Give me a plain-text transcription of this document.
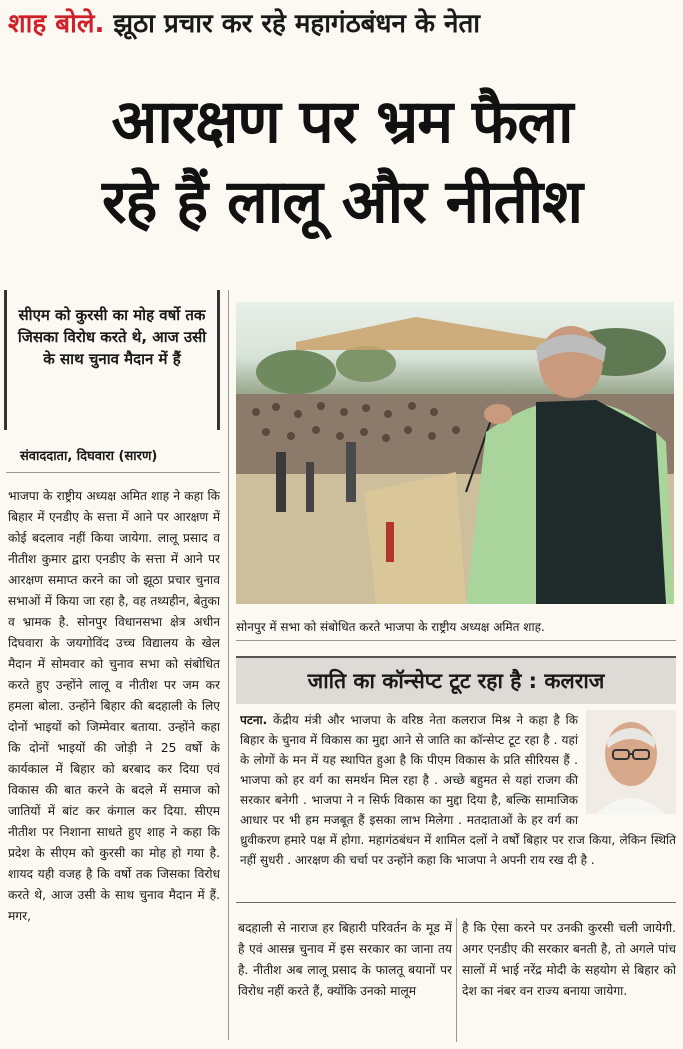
शाह बोले. झूठा प्रचार कर रहे महागंठबंधन के नेता
आरक्षण पर भ्रम फैला
रहे हैं लालू और नीतीश
सीएम को कुरसी का मोह वर्षो तक जिसका विरोध करते थे, आज उसी के साथ चुनाव मैदान में हैं
संवाददाता, दिघवारा (सारण)
भाजपा के राष्ट्रीय अध्यक्ष अमित शाह ने कहा कि बिहार में एनडीए के सत्ता में आने पर आरक्षण में कोई बदलाव नहीं किया जायेगा. लालू प्रसाद व नीतीश कुमार द्वारा एनडीए के सत्ता में आने पर आरक्षण समाप्त करने का जो झूठा प्रचार चुनाव सभाओं में किया जा रहा है, वह तथ्यहीन, बेतुका व भ्रामक है. सोनपुर विधानसभा क्षेत्र अधीन दिघवारा के जयगोविंद उच्च विद्यालय के खेल मैदान में सोमवार को चुनाव सभा को संबोधित करते हुए उन्होंने लालू व नीतीश पर जम कर हमला बोला. उन्होंने बिहार की बदहाली के लिए दोनों भाइयों को जिम्मेवार बताया. उन्होंने कहा कि दोनों भाइयों की जोड़ी ने 25 वर्षो के कार्यकाल में बिहार को बरबाद कर दिया एवं विकास की बात करने के बदले में समाज को जातियों में बांट कर कंगाल कर दिया. सीएम नीतीश पर निशाना साधते हुए शाह ने कहा कि प्रदेश के सीएम को कुरसी का मोह हो गया है. शायद यही वजह है कि वर्षो तक जिसका विरोध करते थे, आज उसी के साथ चुनाव मैदान में हैं. मगर,
सोनपुर में सभा को संबोधित करते भाजपा के राष्ट्रीय अध्यक्ष अमित शाह.
जाति का कॉन्सेप्ट टूट रहा है : कलराज
पटना. केंद्रीय मंत्री और भाजपा के वरिष्ठ नेता कलराज मिश्र ने कहा है कि बिहार के चुनाव में विकास का मुद्दा आने से जाति का कॉन्सेप्ट टूट रहा है . यहां के लोगों के मन में यह स्थापित हुआ है कि पीएम विकास के प्रति सीरियस हैं . भाजपा को हर वर्ग का समर्थन मिल रहा है . अच्छे बहुमत से यहां राजग की सरकार बनेगी . भाजपा ने न सिर्फ विकास का मुद्दा दिया है, बल्कि सामाजिक आधार पर भी हम मजबूत हैं इसका लाभ मिलेगा . मतदाताओं के हर वर्ग का ध्रुवीकरण हमारे पक्ष में होगा. महागंठबंधन में शामिल दलों ने वर्षों बिहार पर राज किया, लेकिन स्थिति नहीं सुधरी . आरक्षण की चर्चा पर उन्होंने कहा कि भाजपा ने अपनी राय रख दी है .
बदहाली से नाराज हर बिहारी परिवर्तन के मूड में है एवं आसन्न चुनाव में इस सरकार का जाना तय है. नीतीश अब लालू प्रसाद के फालतू बयानों पर विरोध नहीं करते हैं, क्योंकि उनको मालूम
है कि ऐसा करने पर उनकी कुरसी चली जायेगी. अगर एनडीए की सरकार बनती है, तो अगले पांच सालों में भाई नरेंद्र मोदी के सहयोग से बिहार को देश का नंबर वन राज्य बनाया जायेगा.
